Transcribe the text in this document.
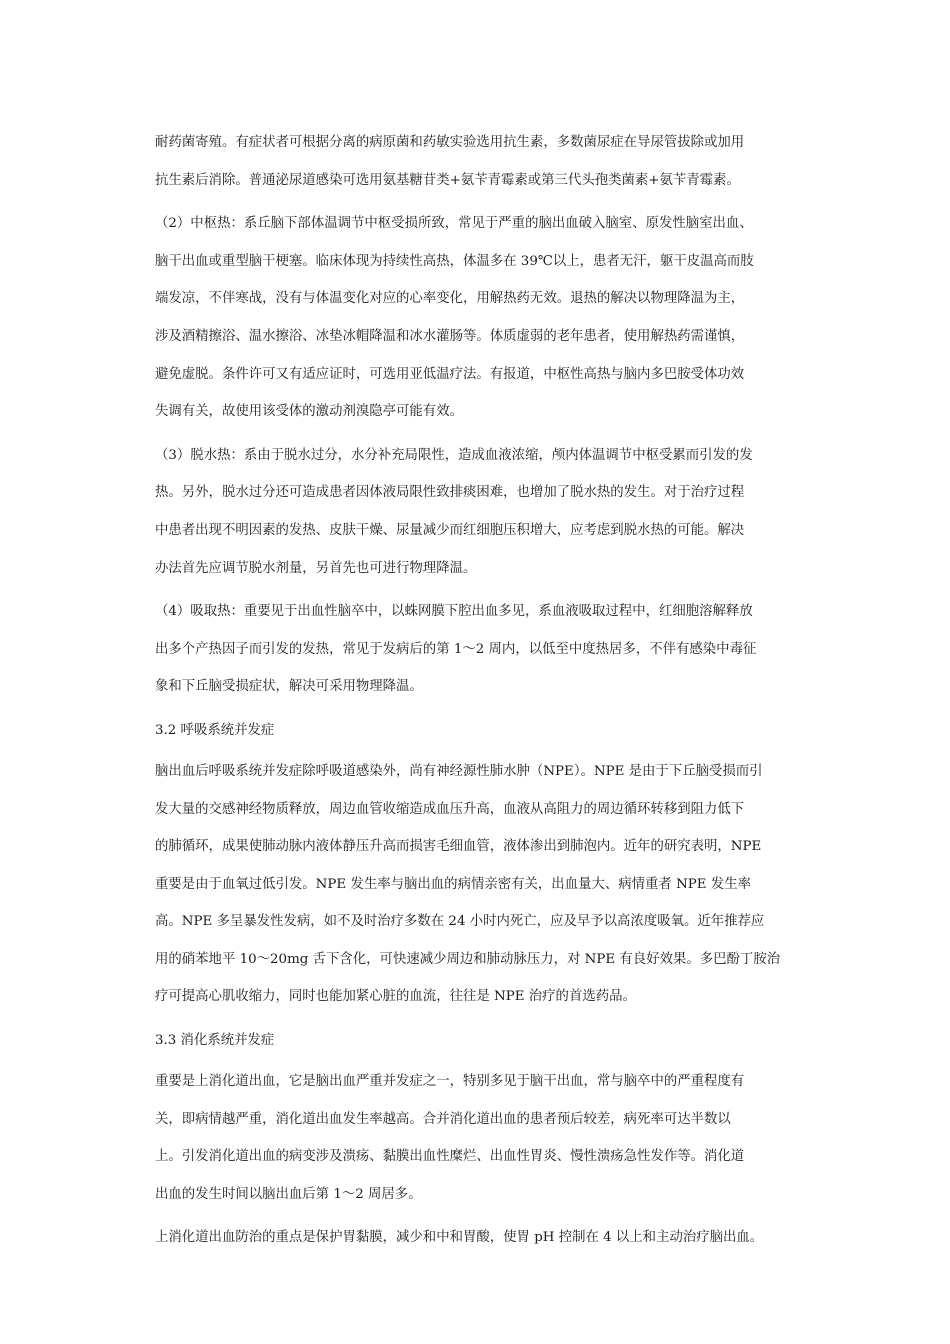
耐药菌寄殖。有症状者可根据分离的病原菌和药敏实验选用抗生素，多数菌尿症在导尿管拔除或加用
抗生素后消除。普通泌尿道感染可选用氨基糖苷类+氨苄青霉素或第三代头孢类菌素+氨苄青霉素。
（2）中枢热：系丘脑下部体温调节中枢受损所致，常见于严重的脑出血破入脑室、原发性脑室出血、
脑干出血或重型脑干梗塞。临床体现为持续性高热，体温多在 39℃以上，患者无汗，躯干皮温高而肢
端发凉，不伴寒战，没有与体温变化对应的心率变化，用解热药无效。退热的解决以物理降温为主，
涉及酒精擦浴、温水擦浴、冰垫冰帽降温和冰水灌肠等。体质虚弱的老年患者，使用解热药需谨慎，
避免虚脱。条件许可又有适应证时，可选用亚低温疗法。有报道，中枢性高热与脑内多巴胺受体功效
失调有关，故使用该受体的激动剂溴隐亭可能有效。
（3）脱水热：系由于脱水过分，水分补充局限性，造成血液浓缩，颅内体温调节中枢受累而引发的发
热。另外，脱水过分还可造成患者因体液局限性致排痰困难，也增加了脱水热的发生。对于治疗过程
中患者出现不明因素的发热、皮肤干燥、尿量减少而红细胞压积增大，应考虑到脱水热的可能。解决
办法首先应调节脱水剂量，另首先也可进行物理降温。
（4）吸取热：重要见于出血性脑卒中，以蛛网膜下腔出血多见，系血液吸取过程中，红细胞溶解释放
出多个产热因子而引发的发热，常见于发病后的第 1～2 周内，以低至中度热居多，不伴有感染中毒征
象和下丘脑受损症状，解决可采用物理降温。
3.2 呼吸系统并发症
脑出血后呼吸系统并发症除呼吸道感染外，尚有神经源性肺水肿（NPE）。NPE 是由于下丘脑受损而引
发大量的交感神经物质释放，周边血管收缩造成血压升高，血液从高阻力的周边循环转移到阻力低下
的肺循环，成果使肺动脉内液体静压升高而损害毛细血管，液体渗出到肺泡内。近年的研究表明，NPE
重要是由于血氧过低引发。NPE 发生率与脑出血的病情亲密有关，出血量大、病情重者 NPE 发生率
高。NPE 多呈暴发性发病，如不及时治疗多数在 24 小时内死亡，应及早予以高浓度吸氧。近年推荐应
用的硝苯地平 10～20mg 舌下含化，可快速减少周边和肺动脉压力，对 NPE 有良好效果。多巴酚丁胺治
疗可提高心肌收缩力，同时也能加紧心脏的血流，往往是 NPE 治疗的首选药品。
3.3 消化系统并发症
重要是上消化道出血，它是脑出血严重并发症之一，特别多见于脑干出血，常与脑卒中的严重程度有
关，即病情越严重，消化道出血发生率越高。合并消化道出血的患者预后较差，病死率可达半数以
上。引发消化道出血的病变涉及溃疡、黏膜出血性糜烂、出血性胃炎、慢性溃疡急性发作等。消化道
出血的发生时间以脑出血后第 1～2 周居多。
上消化道出血防治的重点是保护胃黏膜，减少和中和胃酸，使胃 pH 控制在 4 以上和主动治疗脑出血。
